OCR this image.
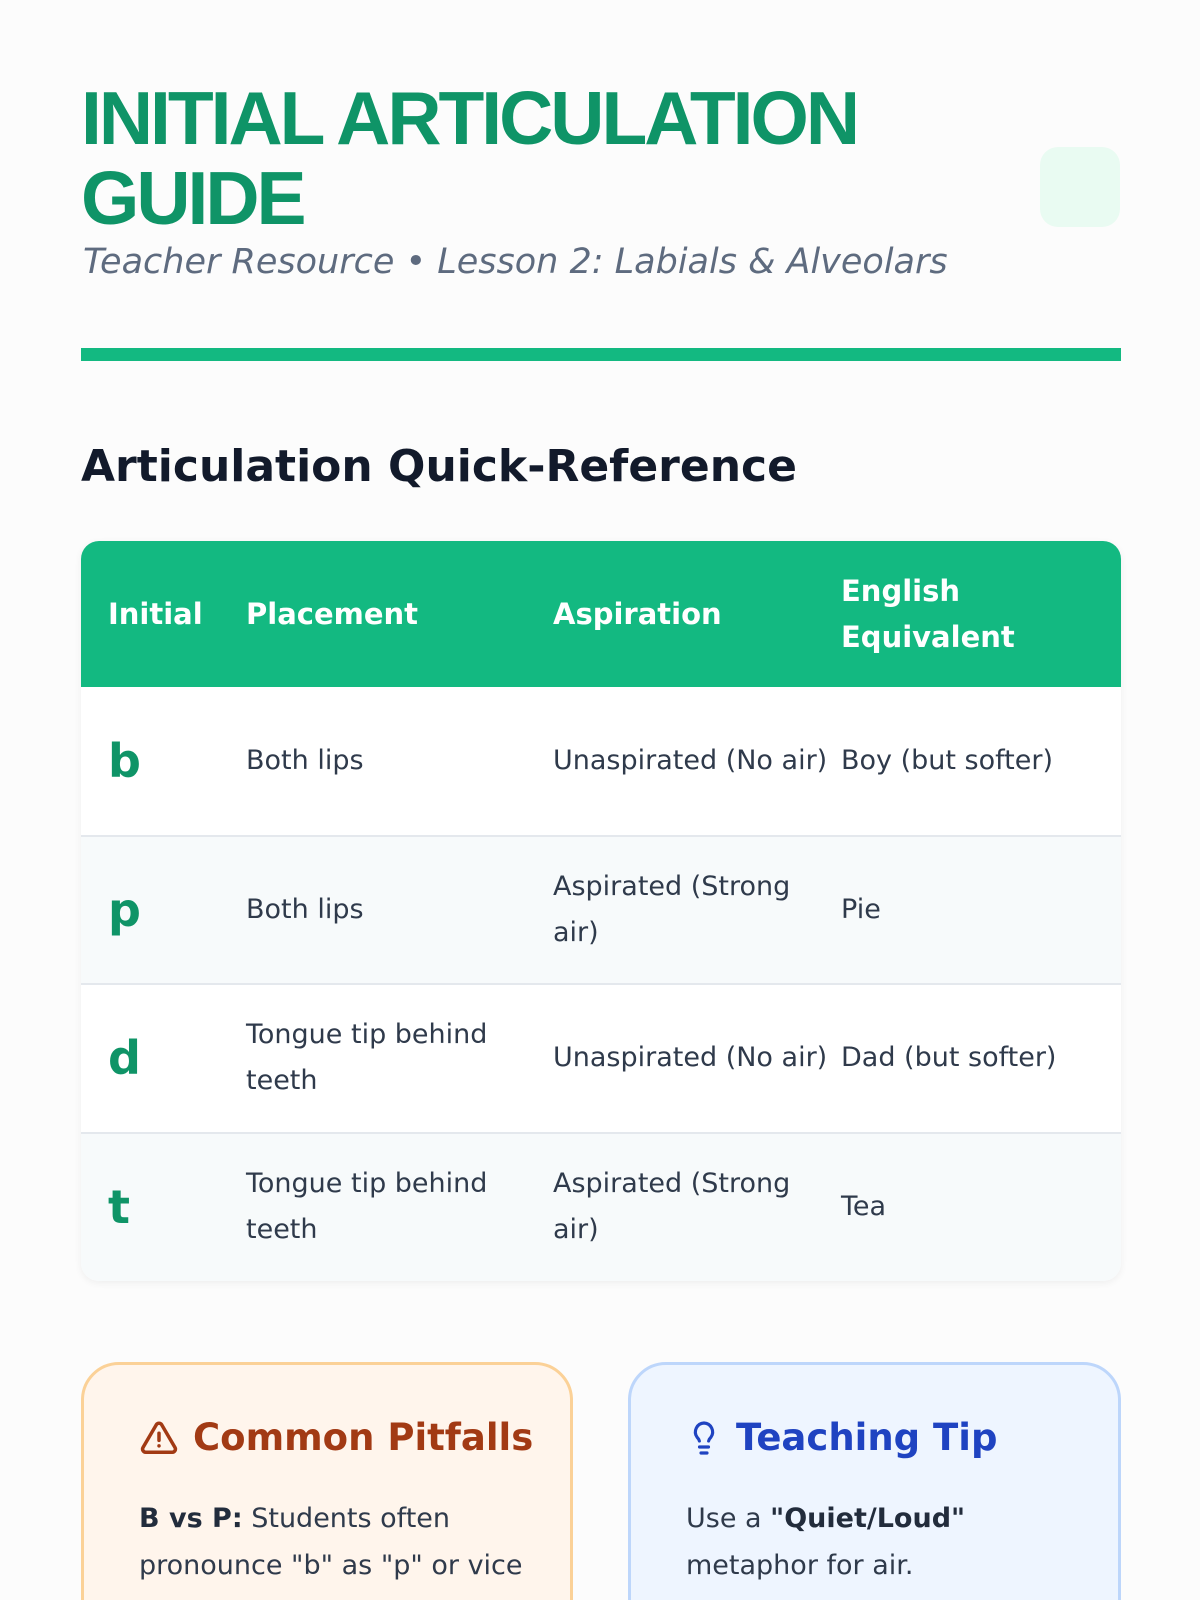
INITIAL ARTICULATION GUIDE

Teacher Resource • Lesson 2: Labials & Alveolars

Articulation Quick-Reference
Initial	Placement	Aspiration	English Equivalent
b	Both lips	Unaspirated (No air)	Boy (but softer)
p	Both lips	Aspirated (Strong air)	Pie
d	Tongue tip behind teeth	Unaspirated (No air)	Dad (but softer)
t	Tongue tip behind teeth	Aspirated (Strong air)	Tea
Common Pitfalls

B vs P: Students often pronounce "b" as "p" or vice

Teaching Tip

Use a "Quiet/Loud" metaphor for air.
